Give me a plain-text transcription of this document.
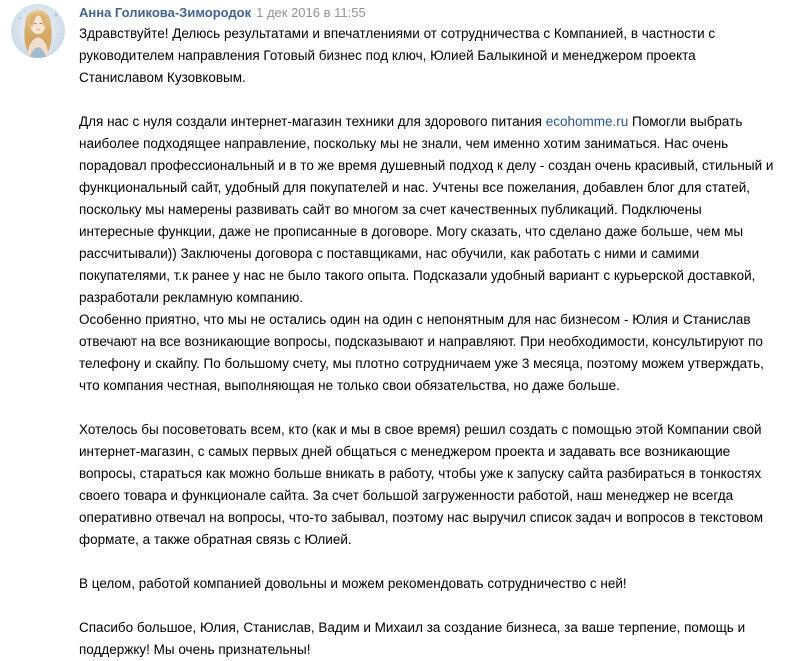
Анна Голикова-Зимородок 1 дек 2016 в 11:55

Здравствуйте! Делюсь результатами и впечатлениями от сотрудничества с Компанией, в частности с руководителем направления Готовый бизнес под ключ, Юлией Балыкиной и менеджером проекта Станиславом Кузовковым.

Для нас с нуля создали интернет-магазин техники для здорового питания ecohomme.ru Помогли выбрать наиболее подходящее направление, поскольку мы не знали, чем именно хотим заниматься. Нас очень порадовал профессиональный и в то же время душевный подход к делу - создан очень красивый, стильный и функциональный сайт, удобный для покупателей и нас. Учтены все пожелания, добавлен блог для статей, поскольку мы намерены развивать сайт во многом за счет качественных публикаций. Подключены интересные функции, даже не прописанные в договоре. Могу сказать, что сделано даже больше, чем мы рассчитывали)) Заключены договора с поставщиками, нас обучили, как работать с ними и самими покупателями, т.к ранее у нас не было такого опыта. Подсказали удобный вариант с курьерской доставкой, разработали рекламную компанию.

Особенно приятно, что мы не остались один на один с непонятным для нас бизнесом - Юлия и Станислав отвечают на все возникающие вопросы, подсказывают и направляют. При необходимости, консультируют по телефону и скайпу. По большому счету, мы плотно сотрудничаем уже 3 месяца, поэтому можем утверждать, что компания честная, выполняющая не только свои обязательства, но даже больше.

Хотелось бы посоветовать всем, кто (как и мы в свое время) решил создать с помощью этой Компании свой интернет-магазин, с самых первых дней общаться с менеджером проекта и задавать все возникающие вопросы, стараться как можно больше вникать в работу, чтобы уже к запуску сайта разбираться в тонкостях своего товара и функционале сайта. За счет большой загруженности работой, наш менеджер не всегда оперативно отвечал на вопросы, что-то забывал, поэтому нас выручил список задач и вопросов в текстовом формате, а также обратная связь с Юлией.

В целом, работой компанией довольны и можем рекомендовать сотрудничество с ней!

Спасибо большое, Юлия, Станислав, Вадим и Михаил за создание бизнеса, за ваше терпение, помощь и поддержку! Мы очень признательны!
